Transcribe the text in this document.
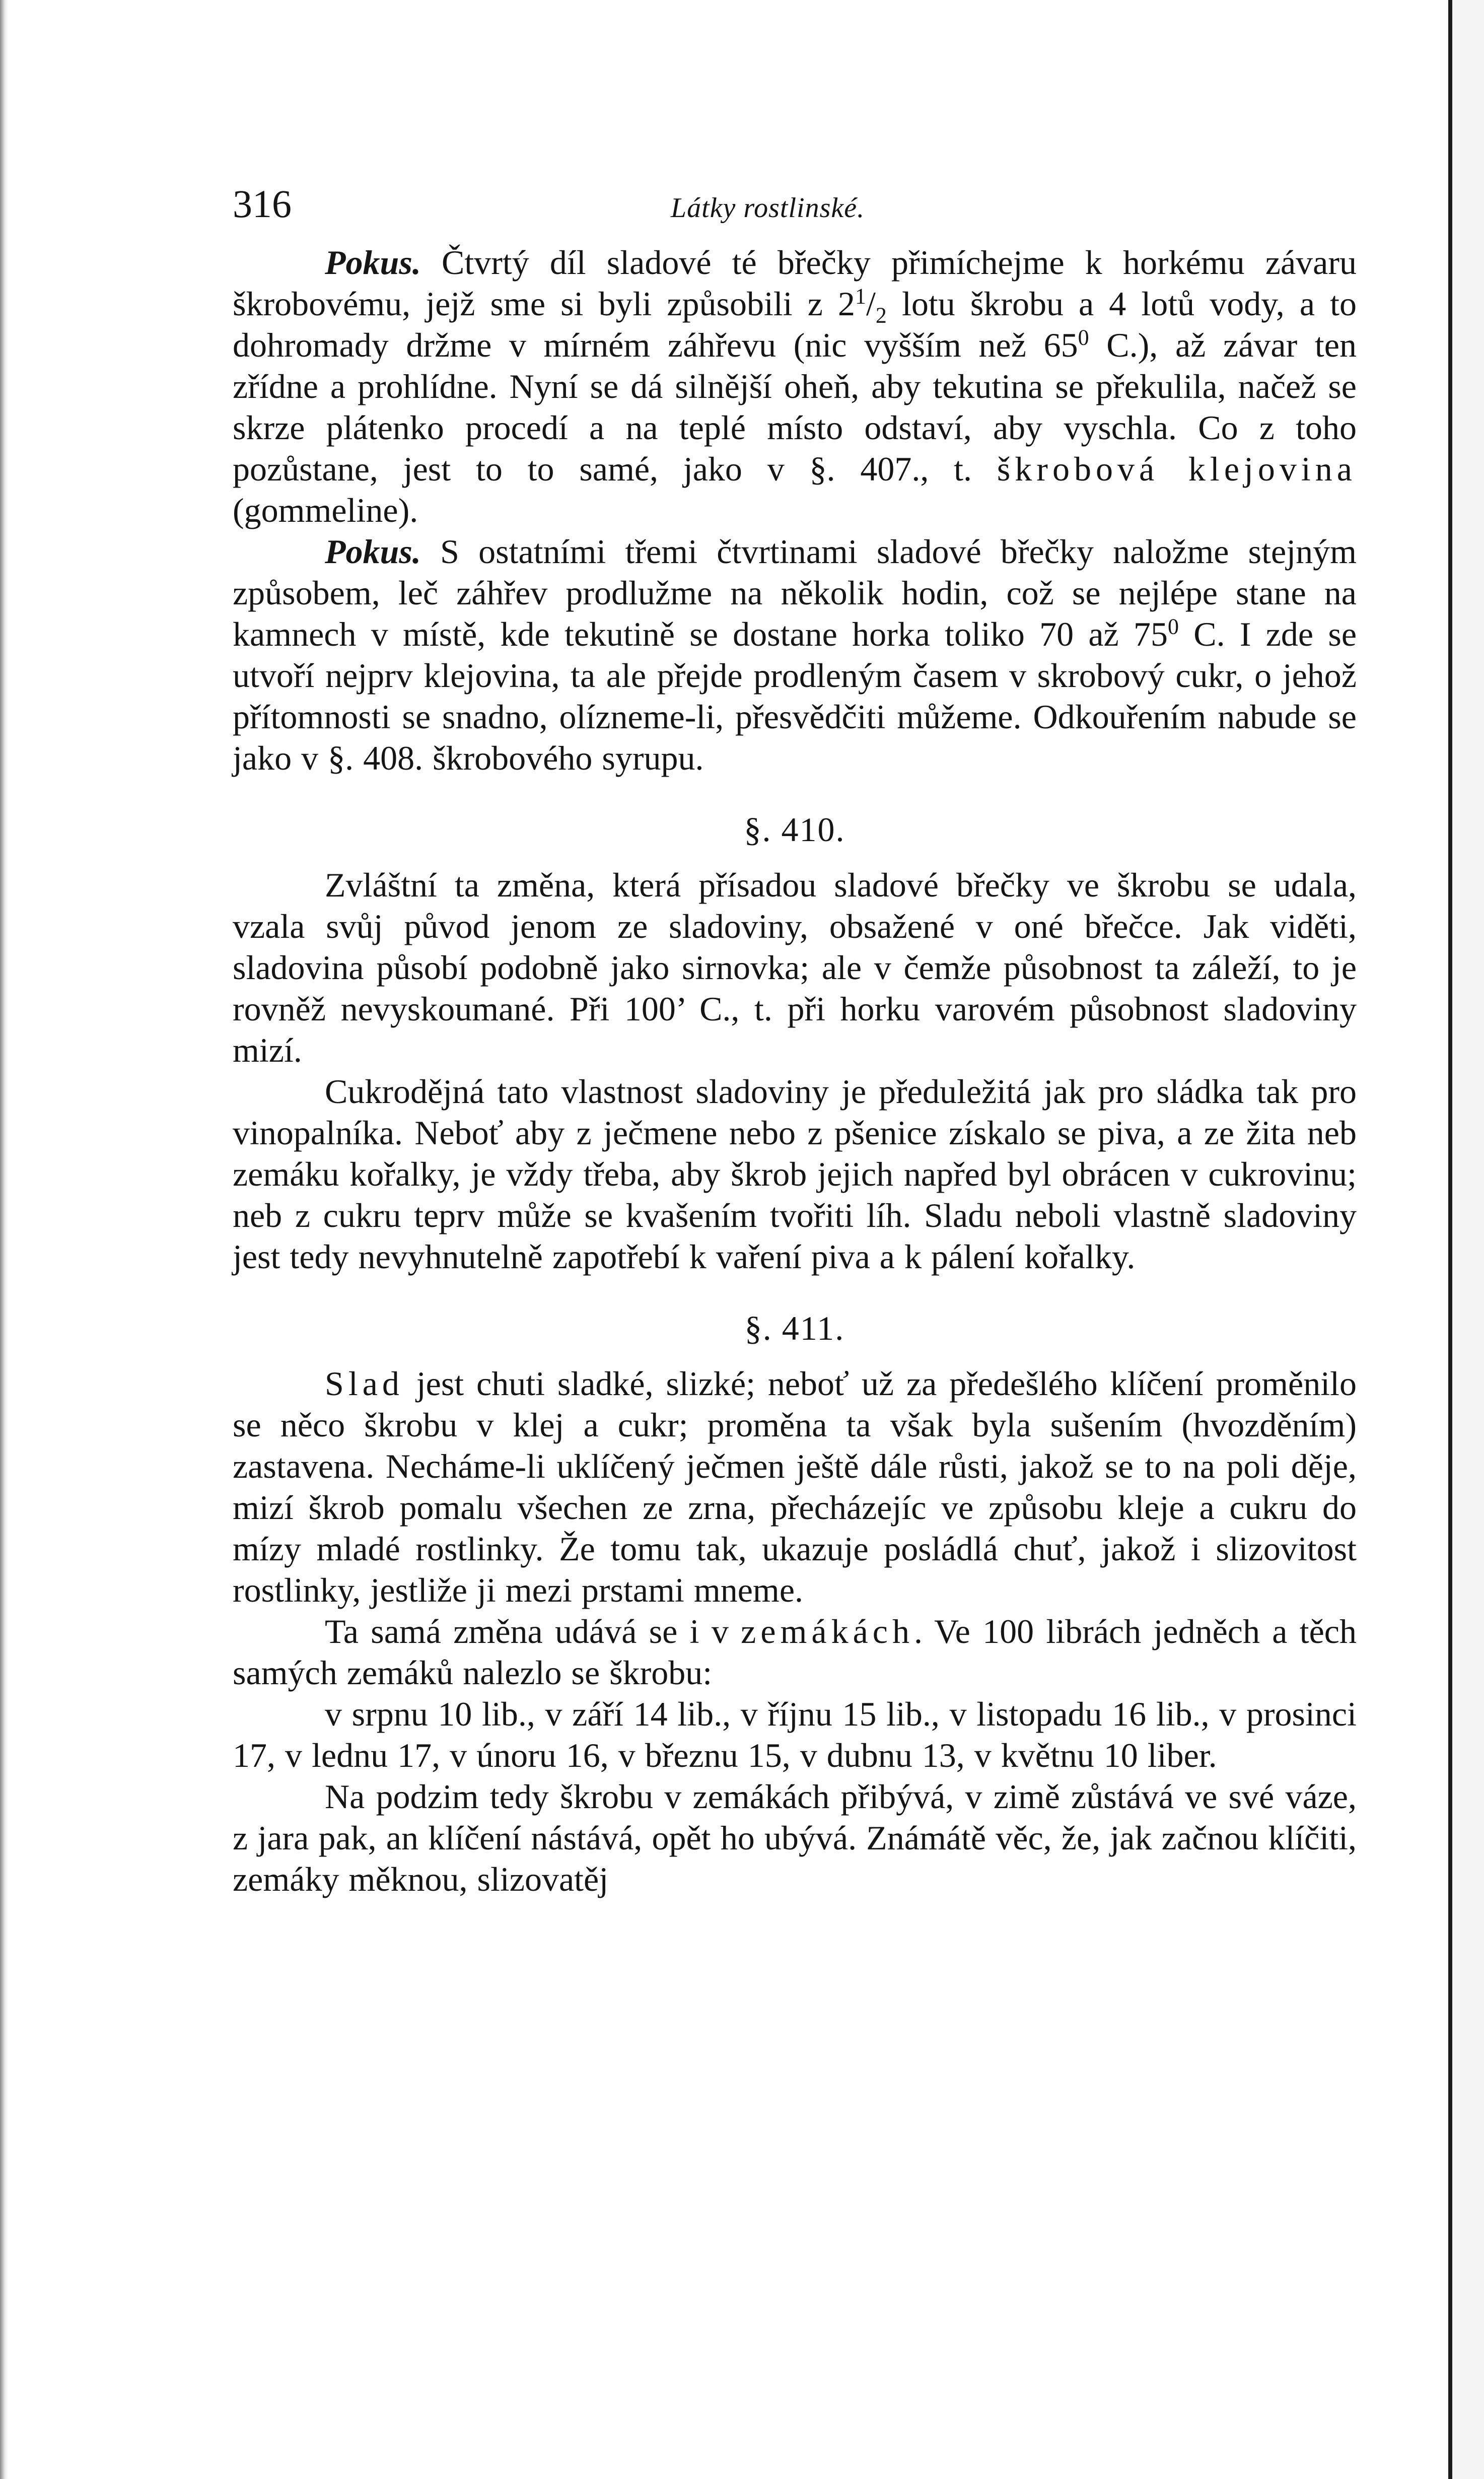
316	Látky rostlinské.

Pokus. Čtvrtý díl sladové té břečky přimíchejme k horkému závaru škrobovému, jejž sme si byli způsobili z $2^1/_2$ lotu škrobu a 4 lotů vody, a to dohromady držme v mírném záhřevu (nic vyšším než $65^0$ C.), až závar ten zřídne a prohlídne. Nyní se dá silnější oheň, aby tekutina se překulila, načež se skrze plátenko procedí a na teplé místo odstaví, aby vyschla. Co z toho pozůstane, jest to to samé, jako v §. 407., t. škrobová klejovina (gommeline).

Pokus. S ostatními třemi čtvrtinami sladové břečky naložme stejným způsobem, leč záhřev prodlužme na několik hodin, což se nejlépe stane na kamnech v místě, kde tekutině se dostane horka toliko 70 až $75^0$ C. I zde se utvoří nejprv klejovina, ta ale přejde prodleným časem v skrobový cukr, o jehož přítomnosti se snadno, olízneme-li, přesvědčiti můžeme. Odkouřením nabude se jako v §. 408. škrobového syrupu.

§. 410.

Zvláštní ta změna, která přísadou sladové břečky ve škrobu se udala, vzala svůj původ jenom ze sladoviny, obsažené v oné břečce. Jak viděti, sladovina působí podobně jako sirnovka; ale v čemže působnost ta záleží, to je rovněž nevyskoumané. Při 100’ C., t. při horku varovém působnost sladoviny mizí.

Cukrodějná tato vlastnost sladoviny je předuležitá jak pro sládka tak pro vinopalníka. Neboť aby z ječmene nebo z pšenice získalo se piva, a ze žita neb zemáku kořalky, je vždy třeba, aby škrob jejich napřed byl obrácen v cukrovinu; neb z cukru teprv může se kvašením tvořiti líh. Sladu neboli vlastně sladoviny jest tedy nevyhnutelně zapotřebí k vaření piva a k pálení kořalky.

§. 411.

Slad jest chuti sladké, slizké; neboť už za předešlého klíčení proměnilo se něco škrobu v klej a cukr; proměna ta však byla sušením (hvozděním) zastavena. Necháme-li uklíčený ječmen ještě dále růsti, jakož se to na poli děje, mizí škrob pomalu všechen ze zrna, přecházejíc ve způsobu kleje a cukru do mízy mladé rostlinky. Že tomu tak, ukazuje posládlá chuť, jakož i slizovitost rostlinky, jestliže ji mezi prstami mneme.

Ta samá změna udává se i v zemákách. Ve 100 librách jedněch a těch samých zemáků nalezlo se škrobu:

v srpnu 10 lib., v září 14 lib., v říjnu 15 lib., v listopadu 16 lib., v prosinci 17, v lednu 17, v únoru 16, v březnu 15, v dubnu 13, v květnu 10 liber.

Na podzim tedy škrobu v zemákách přibývá, v zimě zůstává ve své váze, z jara pak, an klíčení nástává, opět ho ubývá. Známátě věc, že, jak začnou klíčiti, zemáky měknou, slizovatěj
